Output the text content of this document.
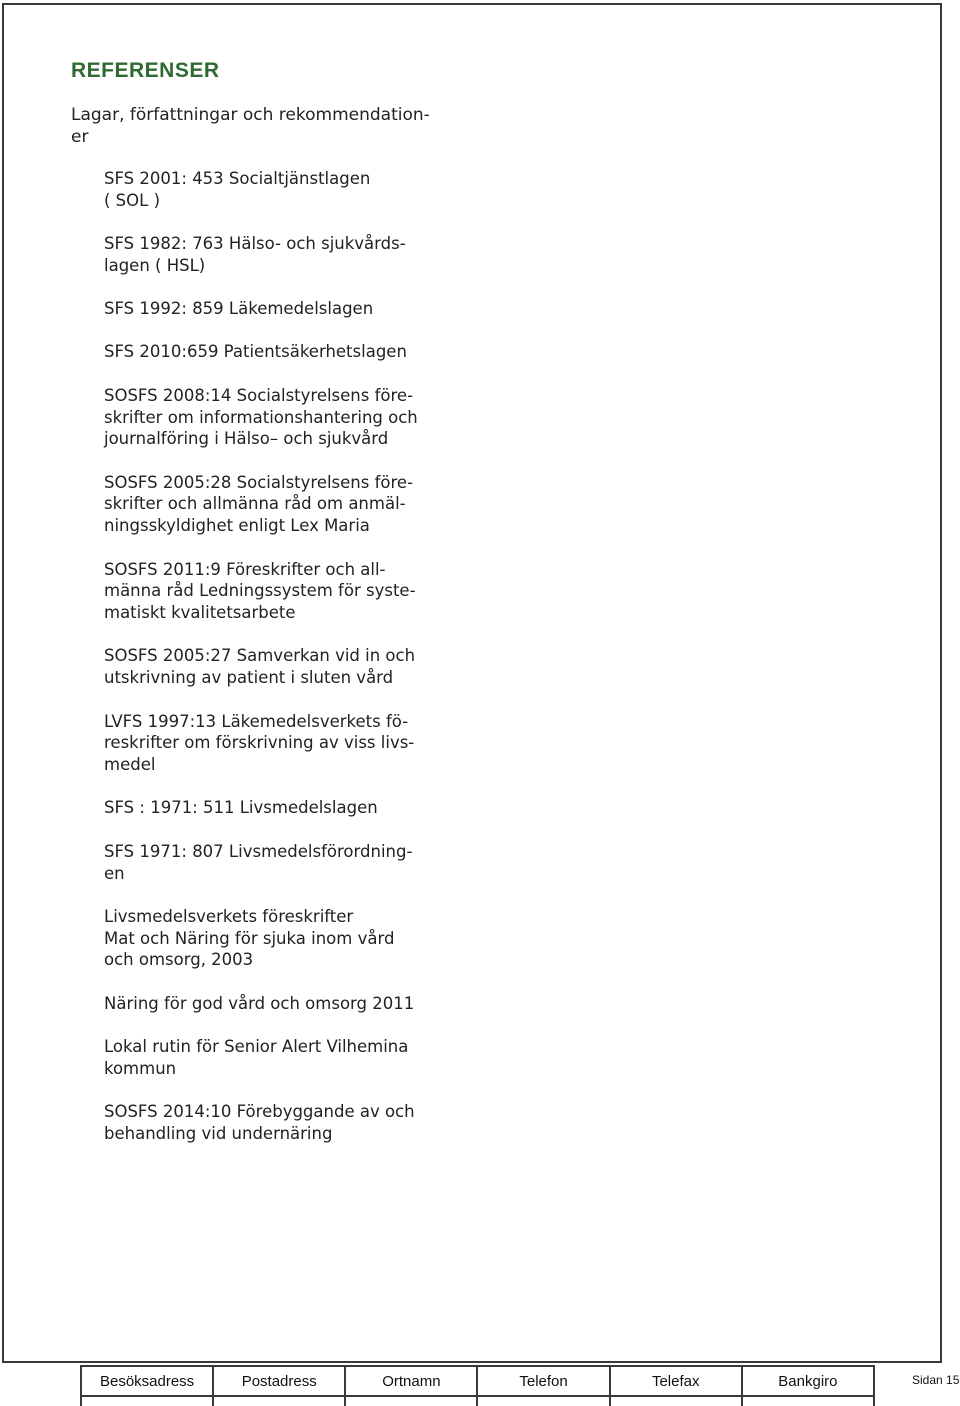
REFERENSER
Lagar, författningar och rekommendation-
er
SFS 2001: 453 Socialtjänstlagen
( SOL )
SFS 1982: 763 Hälso- och sjukvårds-
lagen ( HSL)
SFS 1992: 859 Läkemedelslagen
SFS 2010:659 Patientsäkerhetslagen
SOSFS 2008:14 Socialstyrelsens före-
skrifter om informationshantering och
journalföring i Hälso– och sjukvård
SOSFS 2005:28 Socialstyrelsens före-
skrifter och allmänna råd om anmäl-
ningsskyldighet enligt Lex Maria
SOSFS 2011:9 Föreskrifter och all-
männa råd Ledningssystem för syste-
matiskt kvalitetsarbete
SOSFS 2005:27 Samverkan vid in och
utskrivning av patient i sluten vård
LVFS 1997:13 Läkemedelsverkets fö-
reskrifter om förskrivning av viss livs-
medel
SFS : 1971: 511 Livsmedelslagen
SFS 1971: 807 Livsmedelsförordning-
en
Livsmedelsverkets föreskrifter
Mat och Näring för sjuka inom vård
och omsorg, 2003
Näring för god vård och omsorg 2011
Lokal rutin för Senior Alert Vilhemina
kommun
SOSFS 2014:10 Förebyggande av och
behandling vid undernäring
Besöksadress	Postadress	Ortnamn	Telefon	Telefax	Bankgiro
						Sidan 15
